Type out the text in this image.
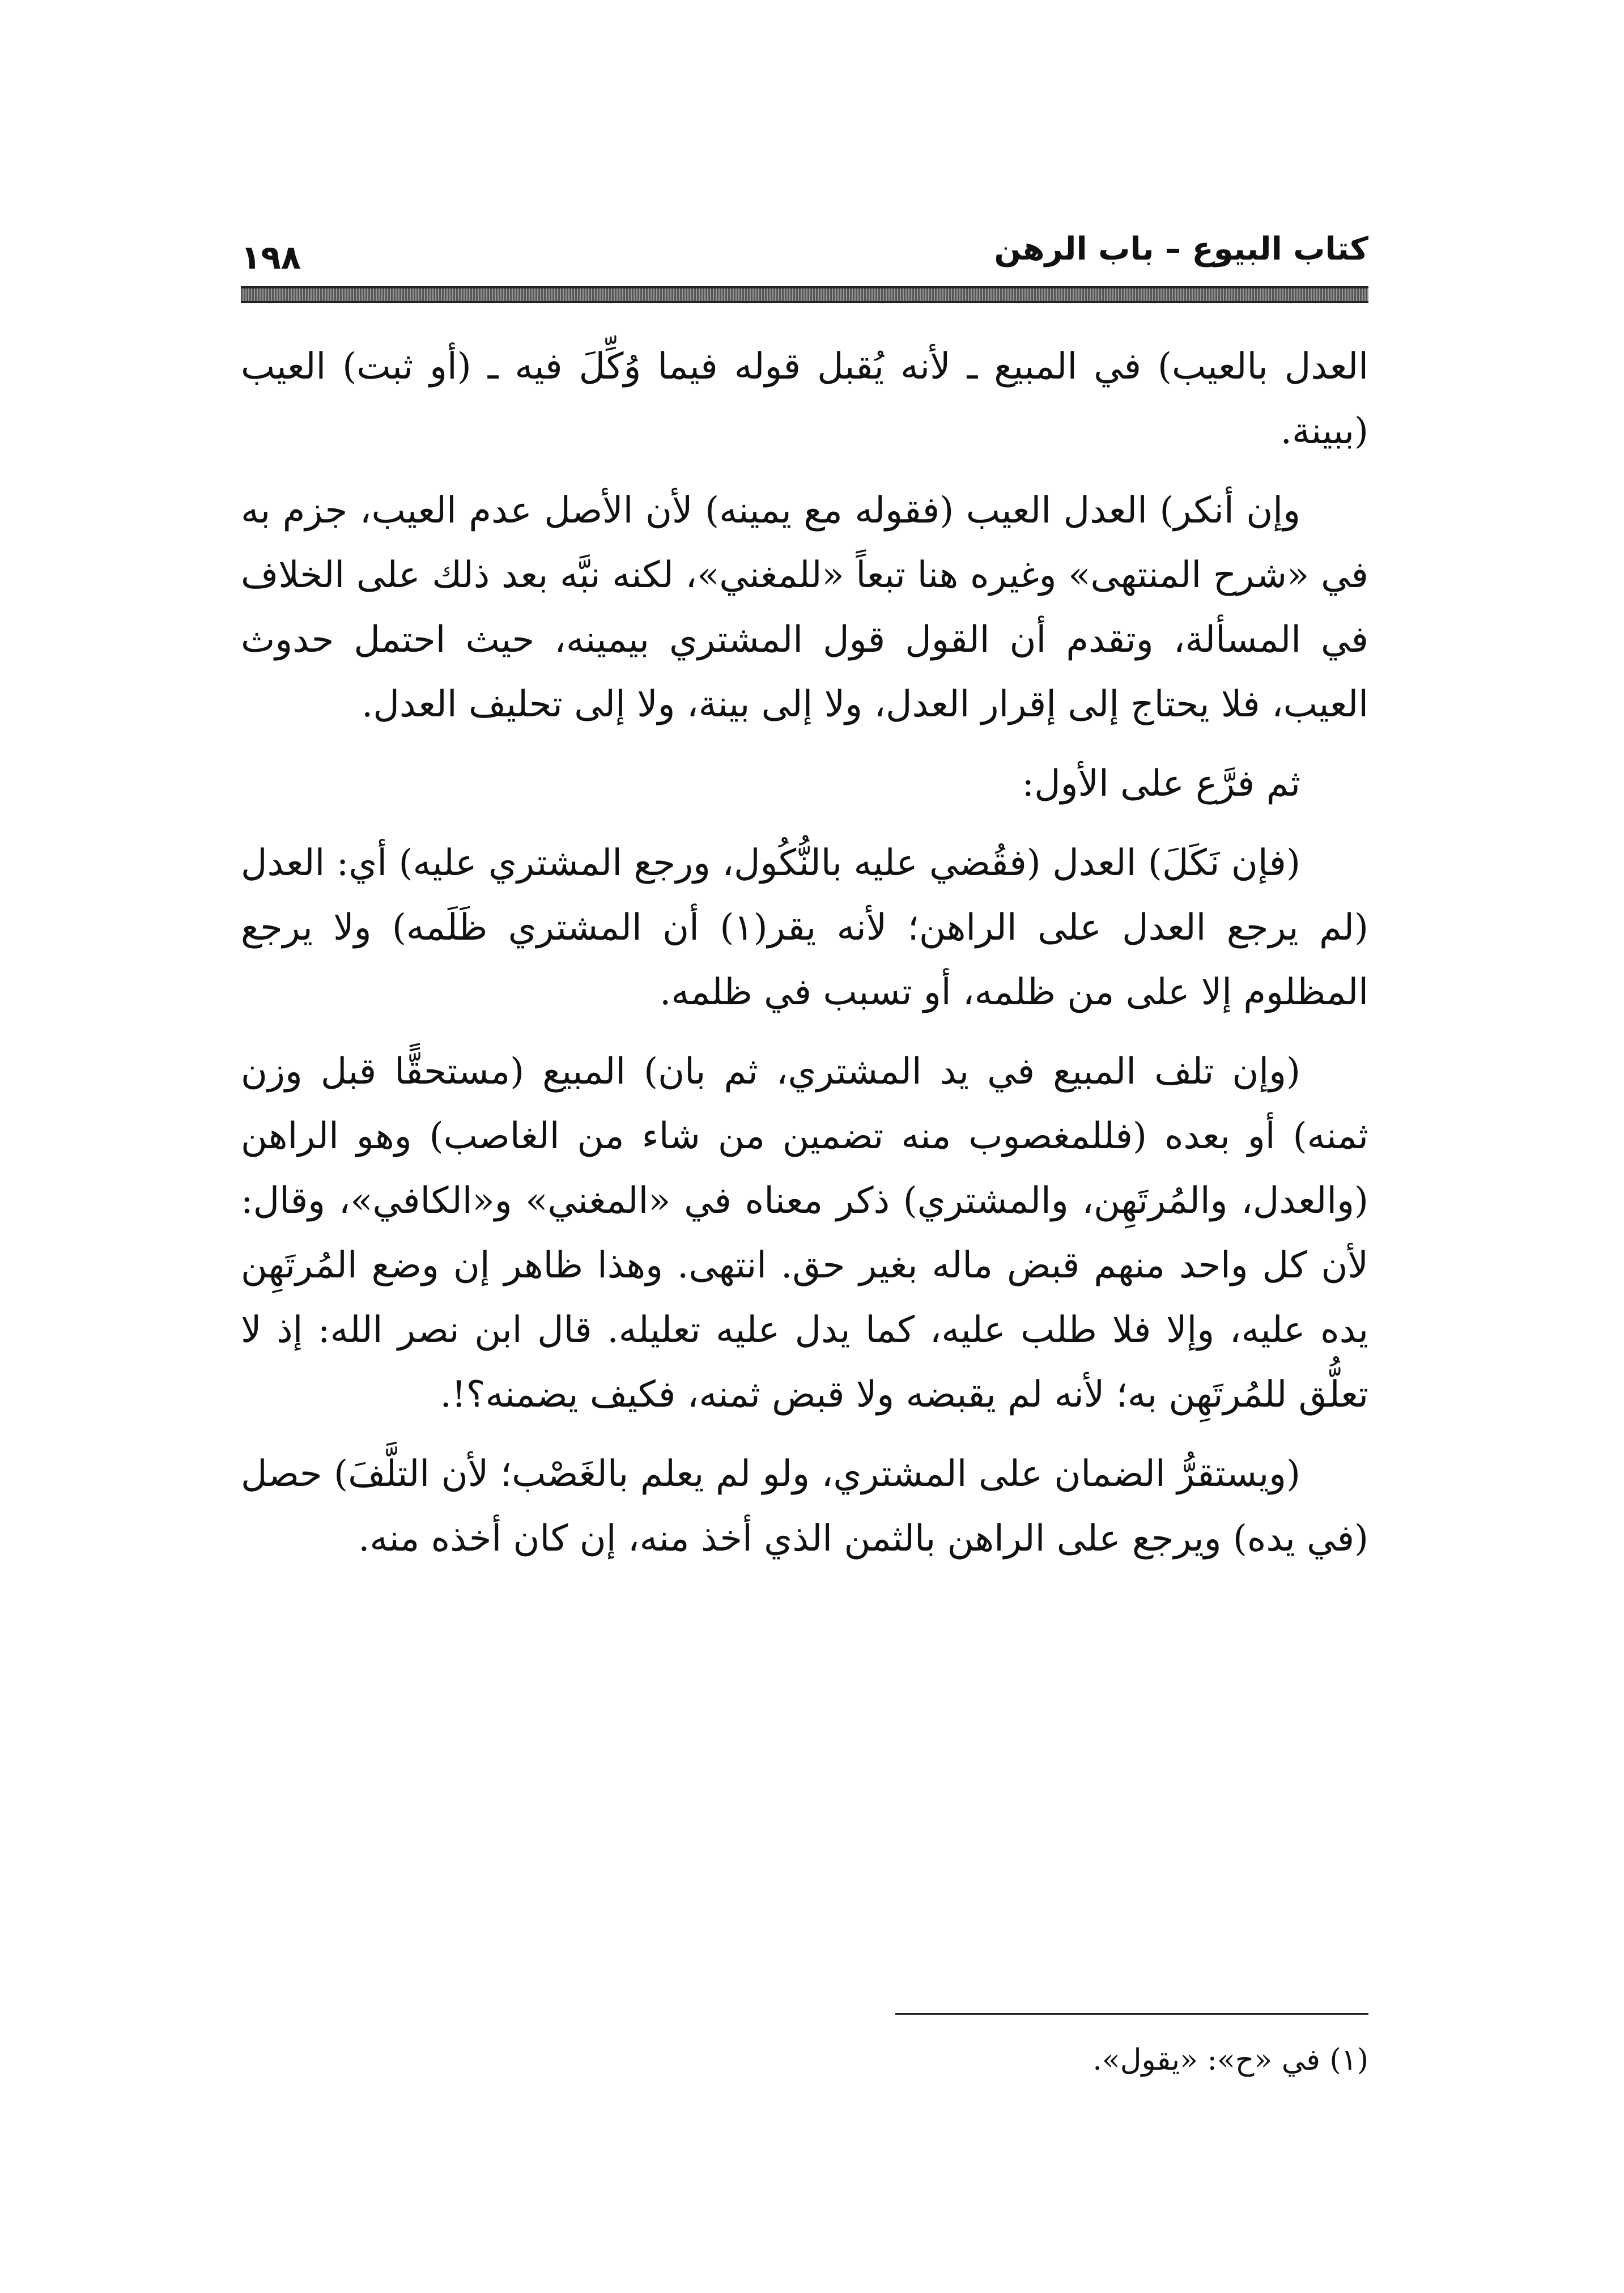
كتاب البيوع – باب الرهن
١٩٨

العدل بالعيب) في المبيع ـ لأنه يُقبل قوله فيما وُكِّلَ فيه ـ (أو ثبت) العيب (ببينة.

وإن أنكر) العدل العيب (فقوله مع يمينه) لأن الأصل عدم العيب، جزم به في «شرح المنتهى» وغيره هنا تبعاً «للمغني»، لكنه نبَّه بعد ذلك على الخلاف في المسألة، وتقدم أن القول قول المشتري بيمينه، حيث احتمل حدوث العيب، فلا يحتاج إلى إقرار العدل، ولا إلى بينة، ولا إلى تحليف العدل.

ثم فرَّع على الأول:

(فإن نَكَلَ) العدل (فقُضي عليه بالنُّكُول، ورجع المشتري عليه) أي: العدل (لم يرجع العدل على الراهن؛ لأنه يقر(١) أن المشتري ظَلَمه) ولا يرجع المظلوم إلا على من ظلمه، أو تسبب في ظلمه.

(وإن تلف المبيع في يد المشتري، ثم بان) المبيع (مستحقًّا قبل وزن ثمنه) أو بعده (فللمغصوب منه تضمين من شاء من الغاصب) وهو الراهن (والعدل، والمُرتَهِن، والمشتري) ذكر معناه في «المغني» و«الكافي»، وقال: لأن كل واحد منهم قبض ماله بغير حق. انتهى. وهذا ظاهر إن وضع المُرتَهِن يده عليه، وإلا فلا طلب عليه، كما يدل عليه تعليله. قال ابن نصر الله: إذ لا تعلُّق للمُرتَهِن به؛ لأنه لم يقبضه ولا قبض ثمنه، فكيف يضمنه؟!.

(ويستقرُّ الضمان على المشتري، ولو لم يعلم بالغَصْب؛ لأن التلَّفَ) حصل (في يده) ويرجع على الراهن بالثمن الذي أخذ منه، إن كان أخذه منه.

(١) في «ح»: «يقول».
